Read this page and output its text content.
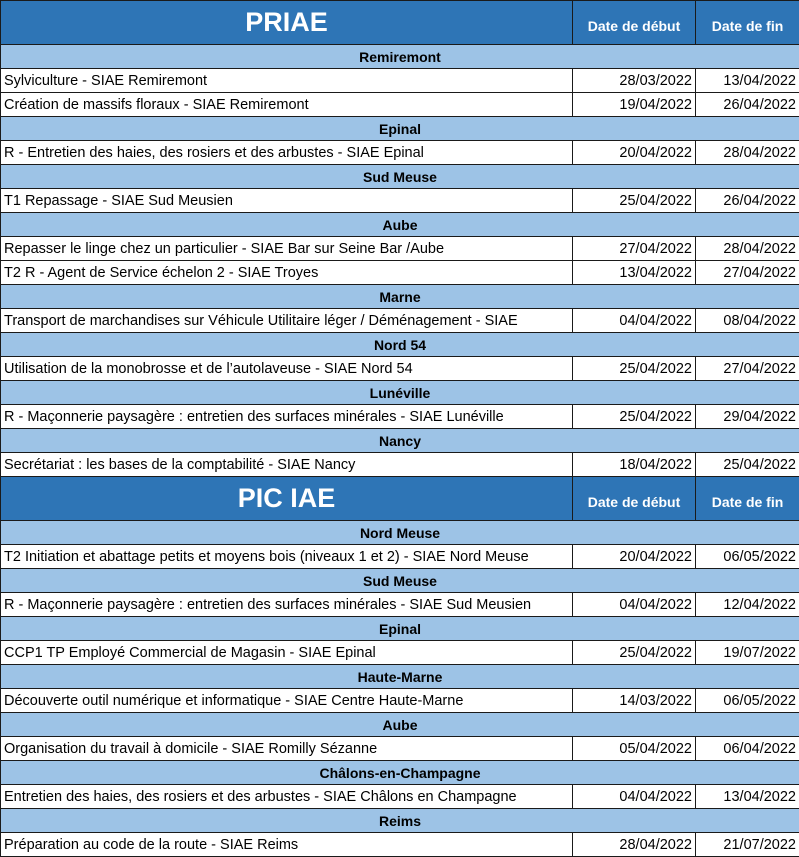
PRIAE	Date de début	Date de fin
Remiremont		
Sylviculture - SIAE Remiremont	28/03/2022	13/04/2022
Création de massifs floraux - SIAE Remiremont	19/04/2022	26/04/2022
Epinal		
R - Entretien des haies, des rosiers et des arbustes - SIAE Epinal	20/04/2022	28/04/2022
Sud Meuse		
T1 Repassage - SIAE Sud Meusien	25/04/2022	26/04/2022
Aube		
Repasser le linge chez un particulier - SIAE Bar sur Seine Bar /Aube	27/04/2022	28/04/2022
T2 R - Agent de Service échelon 2 - SIAE Troyes	13/04/2022	27/04/2022
Marne		
Transport de marchandises sur Véhicule Utilitaire léger / Déménagement - SIAE	04/04/2022	08/04/2022
Nord 54		
Utilisation de la monobrosse et de l’autolaveuse - SIAE Nord 54	25/04/2022	27/04/2022
Lunéville		
R - Maçonnerie paysagère : entretien des surfaces minérales - SIAE Lunéville	25/04/2022	29/04/2022
Nancy		
Secrétariat : les bases de la comptabilité - SIAE Nancy	18/04/2022	25/04/2022
PIC IAE	Date de début	Date de fin
Nord Meuse		
T2 Initiation et abattage petits et moyens bois (niveaux 1 et 2) - SIAE Nord Meuse	20/04/2022	06/05/2022
Sud Meuse		
R - Maçonnerie paysagère : entretien des surfaces minérales - SIAE Sud Meusien	04/04/2022	12/04/2022
Epinal		
CCP1 TP Employé Commercial de Magasin - SIAE Epinal	25/04/2022	19/07/2022
Haute-Marne		
Découverte outil numérique et informatique - SIAE Centre Haute-Marne	14/03/2022	06/05/2022
Aube		
Organisation du travail à domicile - SIAE Romilly Sézanne	05/04/2022	06/04/2022
Châlons-en-Champagne		
Entretien des haies, des rosiers et des arbustes - SIAE Châlons en Champagne	04/04/2022	13/04/2022
Reims		
Préparation au code de la route - SIAE Reims	28/04/2022	21/07/2022
